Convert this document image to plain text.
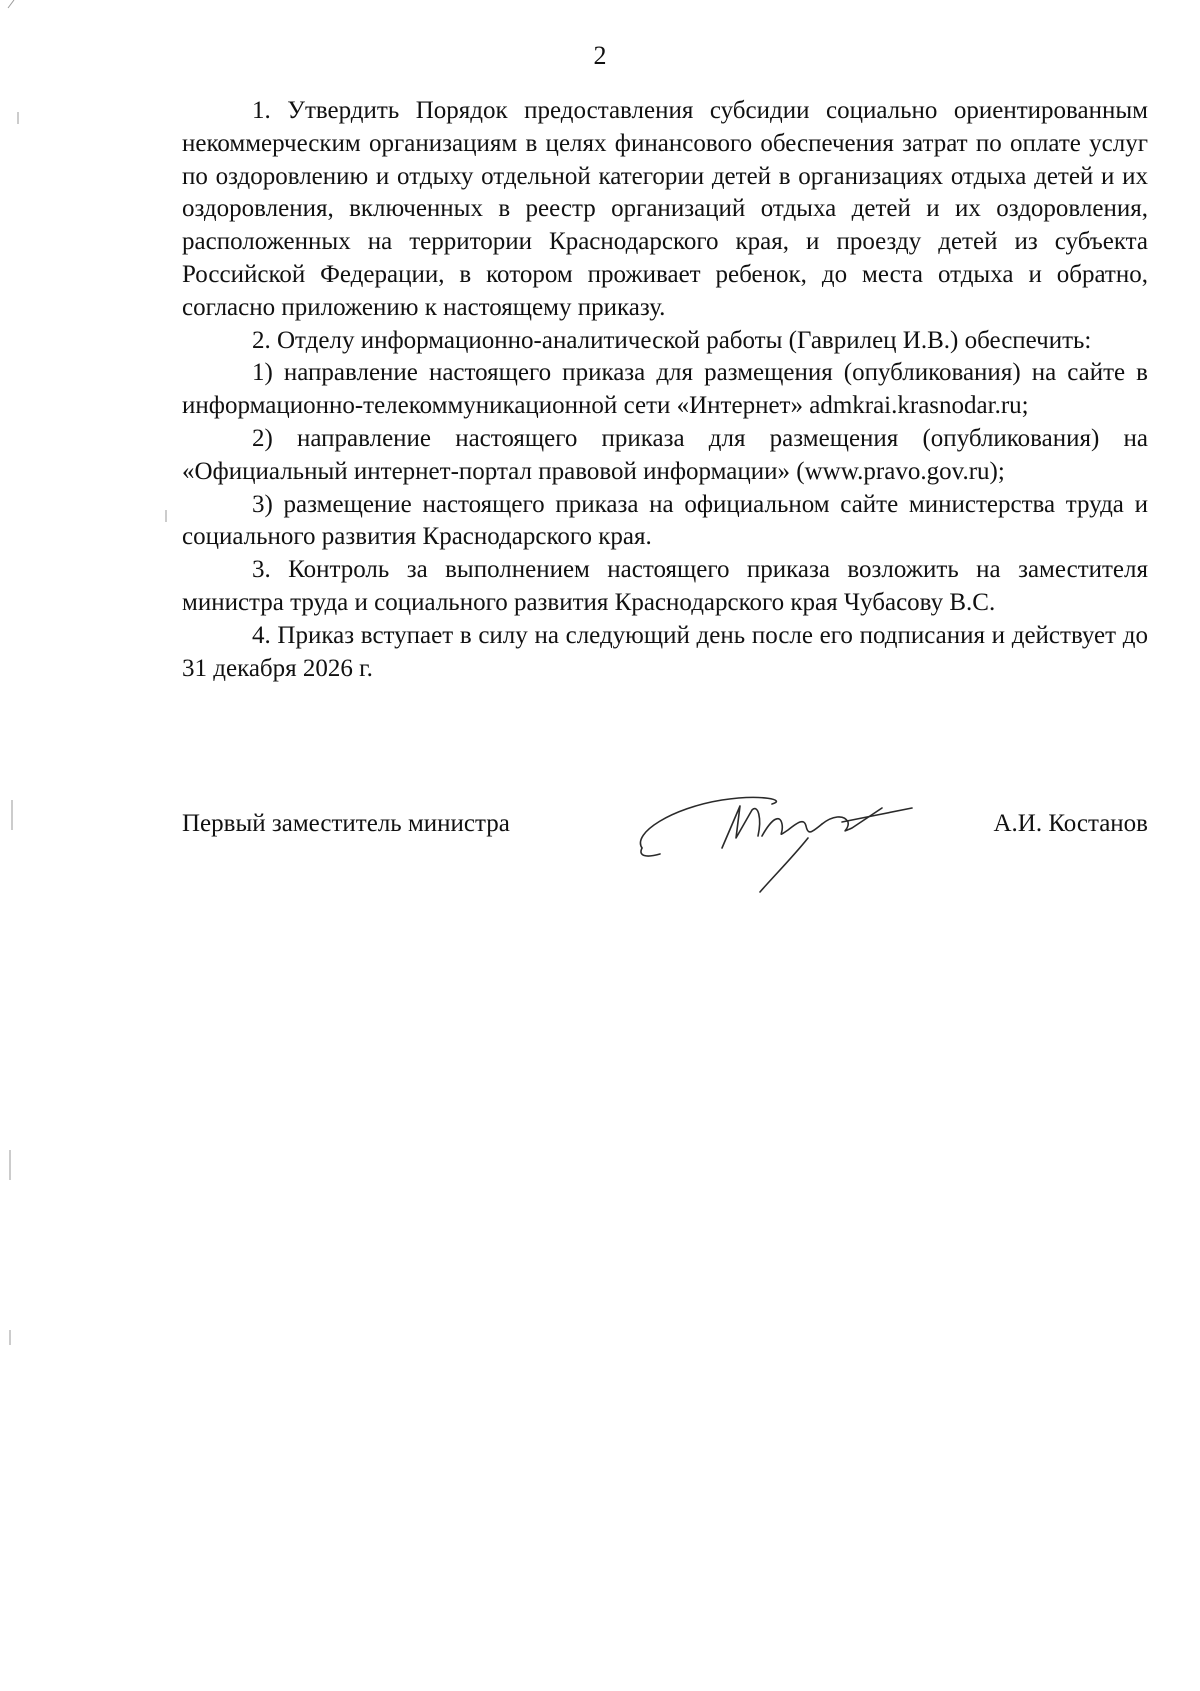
2

1. Утвердить Порядок предоставления субсидии социально ориентированным некоммерческим организациям в целях финансового обеспечения затрат по оплате услуг по оздоровлению и отдыху отдельной категории детей в организациях отдыха детей и их оздоровления, включенных в реестр организаций отдыха детей и их оздоровления, расположенных на территории Краснодарского края, и проезду детей из субъекта Российской Федерации, в котором проживает ребенок, до места отдыха и обратно, согласно приложению к настоящему приказу.

2. Отделу информационно-аналитической работы (Гаврилец И.В.) обеспечить:

1) направление настоящего приказа для размещения (опубликования) на сайте в информационно-телекоммуникационной сети «Интернет» admkrai.krasnodar.ru;

2) направление настоящего приказа для размещения (опубликования) на «Официальный интернет-портал правовой информации» (www.pravo.gov.ru);

3) размещение настоящего приказа на официальном сайте министерства труда и социального развития Краснодарского края.

3. Контроль за выполнением настоящего приказа возложить на заместителя министра труда и социального развития Краснодарского края Чубасову В.С.

4. Приказ вступает в силу на следующий день после его подписания и действует до 31 декабря 2026 г.

Первый заместитель министра	А.И. Костанов
